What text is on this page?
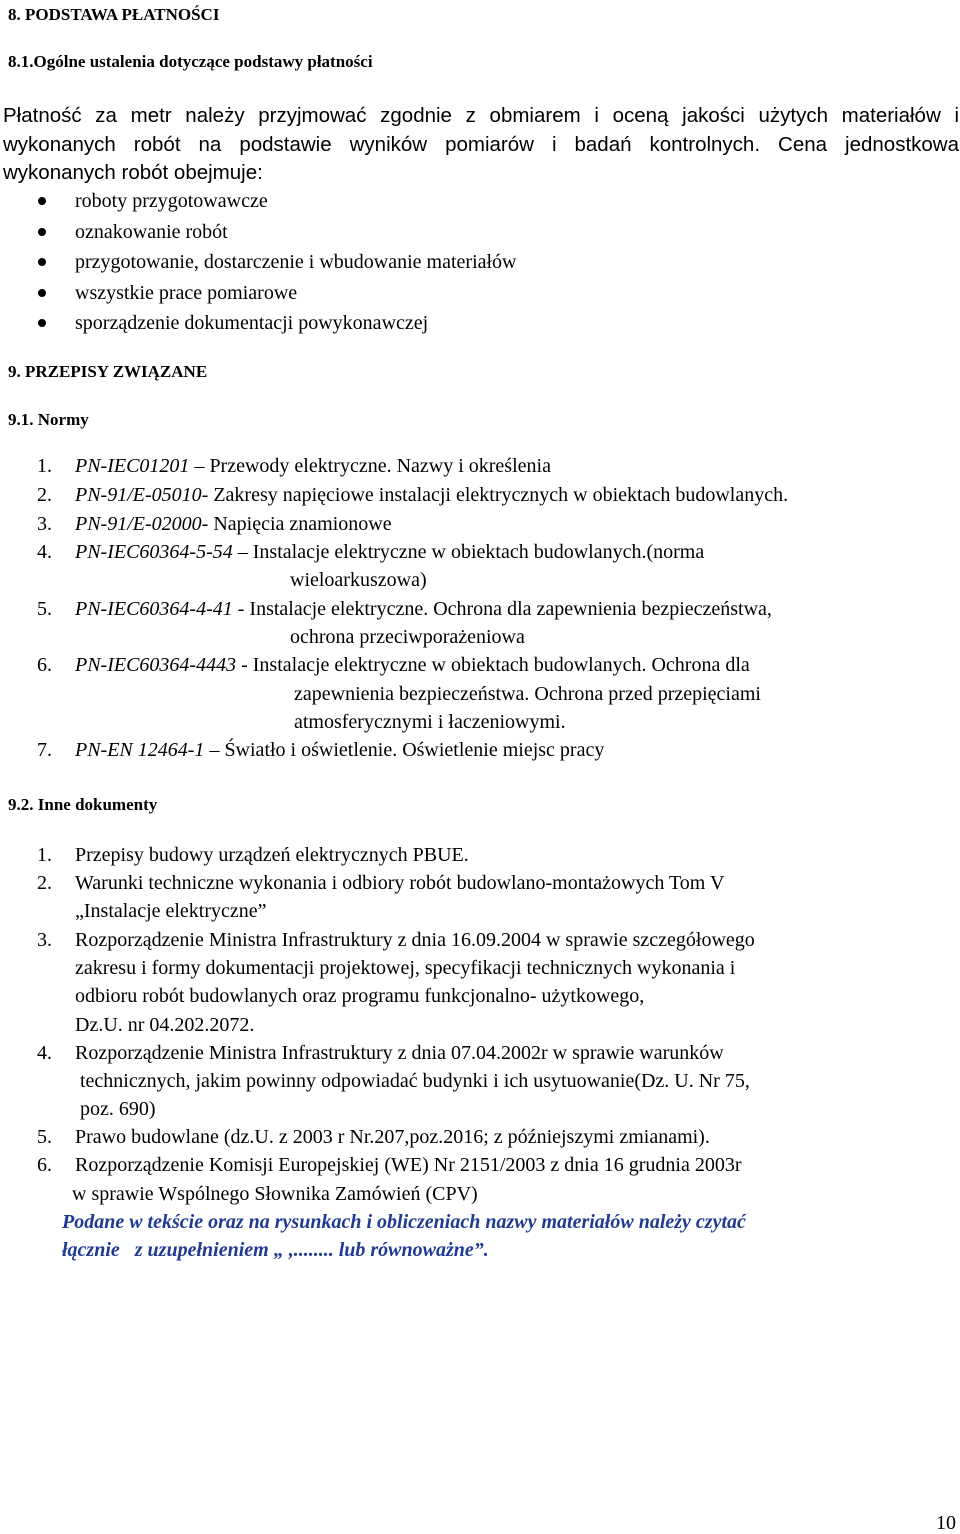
8. PODSTAWA PŁATNOŚCI
8.1.Ogólne ustalenia dotyczące podstawy płatności
Płatność za metr należy przyjmować zgodnie z obmiarem i oceną jakości użytych materiałów i
wykonanych robót na podstawie wyników pomiarów i badań kontrolnych. Cena jednostkowa
wykonanych robót obejmuje:
roboty przygotowawcze
oznakowanie robót
przygotowanie, dostarczenie i wbudowanie materiałów
wszystkie prace pomiarowe
sporządzenie dokumentacji powykonawczej
9. PRZEPISY ZWIĄZANE
9.1. Normy
1. PN-IEC01201 – Przewody elektryczne. Nazwy i określenia
2. PN-91/E-05010- Zakresy napięciowe instalacji elektrycznych w obiektach budowlanych.
3. PN-91/E-02000- Napięcia znamionowe
4. PN-IEC60364-5-54 – Instalacje elektryczne w obiektach budowlanych.(norma
wieloarkuszowa)
5. PN-IEC60364-4-41 - Instalacje elektryczne. Ochrona dla zapewnienia bezpieczeństwa,
ochrona przeciwporażeniowa
6. PN-IEC60364-4443 - Instalacje elektryczne w obiektach budowlanych. Ochrona dla
zapewnienia bezpieczeństwa. Ochrona przed przepięciami
atmosferycznymi i łaczeniowymi.
7. PN-EN 12464-1 – Światło i oświetlenie. Oświetlenie miejsc pracy
9.2. Inne dokumenty
1. Przepisy budowy urządzeń elektrycznych PBUE.
2. Warunki techniczne wykonania i odbiory robót budowlano-montażowych Tom V
„Instalacje elektryczne”
3. Rozporządzenie Ministra Infrastruktury z dnia 16.09.2004 w sprawie szczegółowego
zakresu i formy dokumentacji projektowej, specyfikacji technicznych wykonania i
odbioru robót budowlanych oraz programu funkcjonalno- użytkowego,
Dz.U. nr 04.202.2072.
4. Rozporządzenie Ministra Infrastruktury z dnia 07.04.2002r w sprawie warunków
technicznych, jakim powinny odpowiadać budynki i ich usytuowanie(Dz. U. Nr 75,
poz. 690)
5. Prawo budowlane (dz.U. z 2003 r Nr.207,poz.2016; z późniejszymi zmianami).
6. Rozporządzenie Komisji Europejskiej (WE) Nr 2151/2003 z dnia 16 grudnia 2003r
w sprawie Wspólnego Słownika Zamówień (CPV)

Podane w tekście oraz na rysunkach i obliczeniach nazwy materiałów należy czytać

łącznie   z uzupełnieniem „ ,........ lub równoważne”.

10
